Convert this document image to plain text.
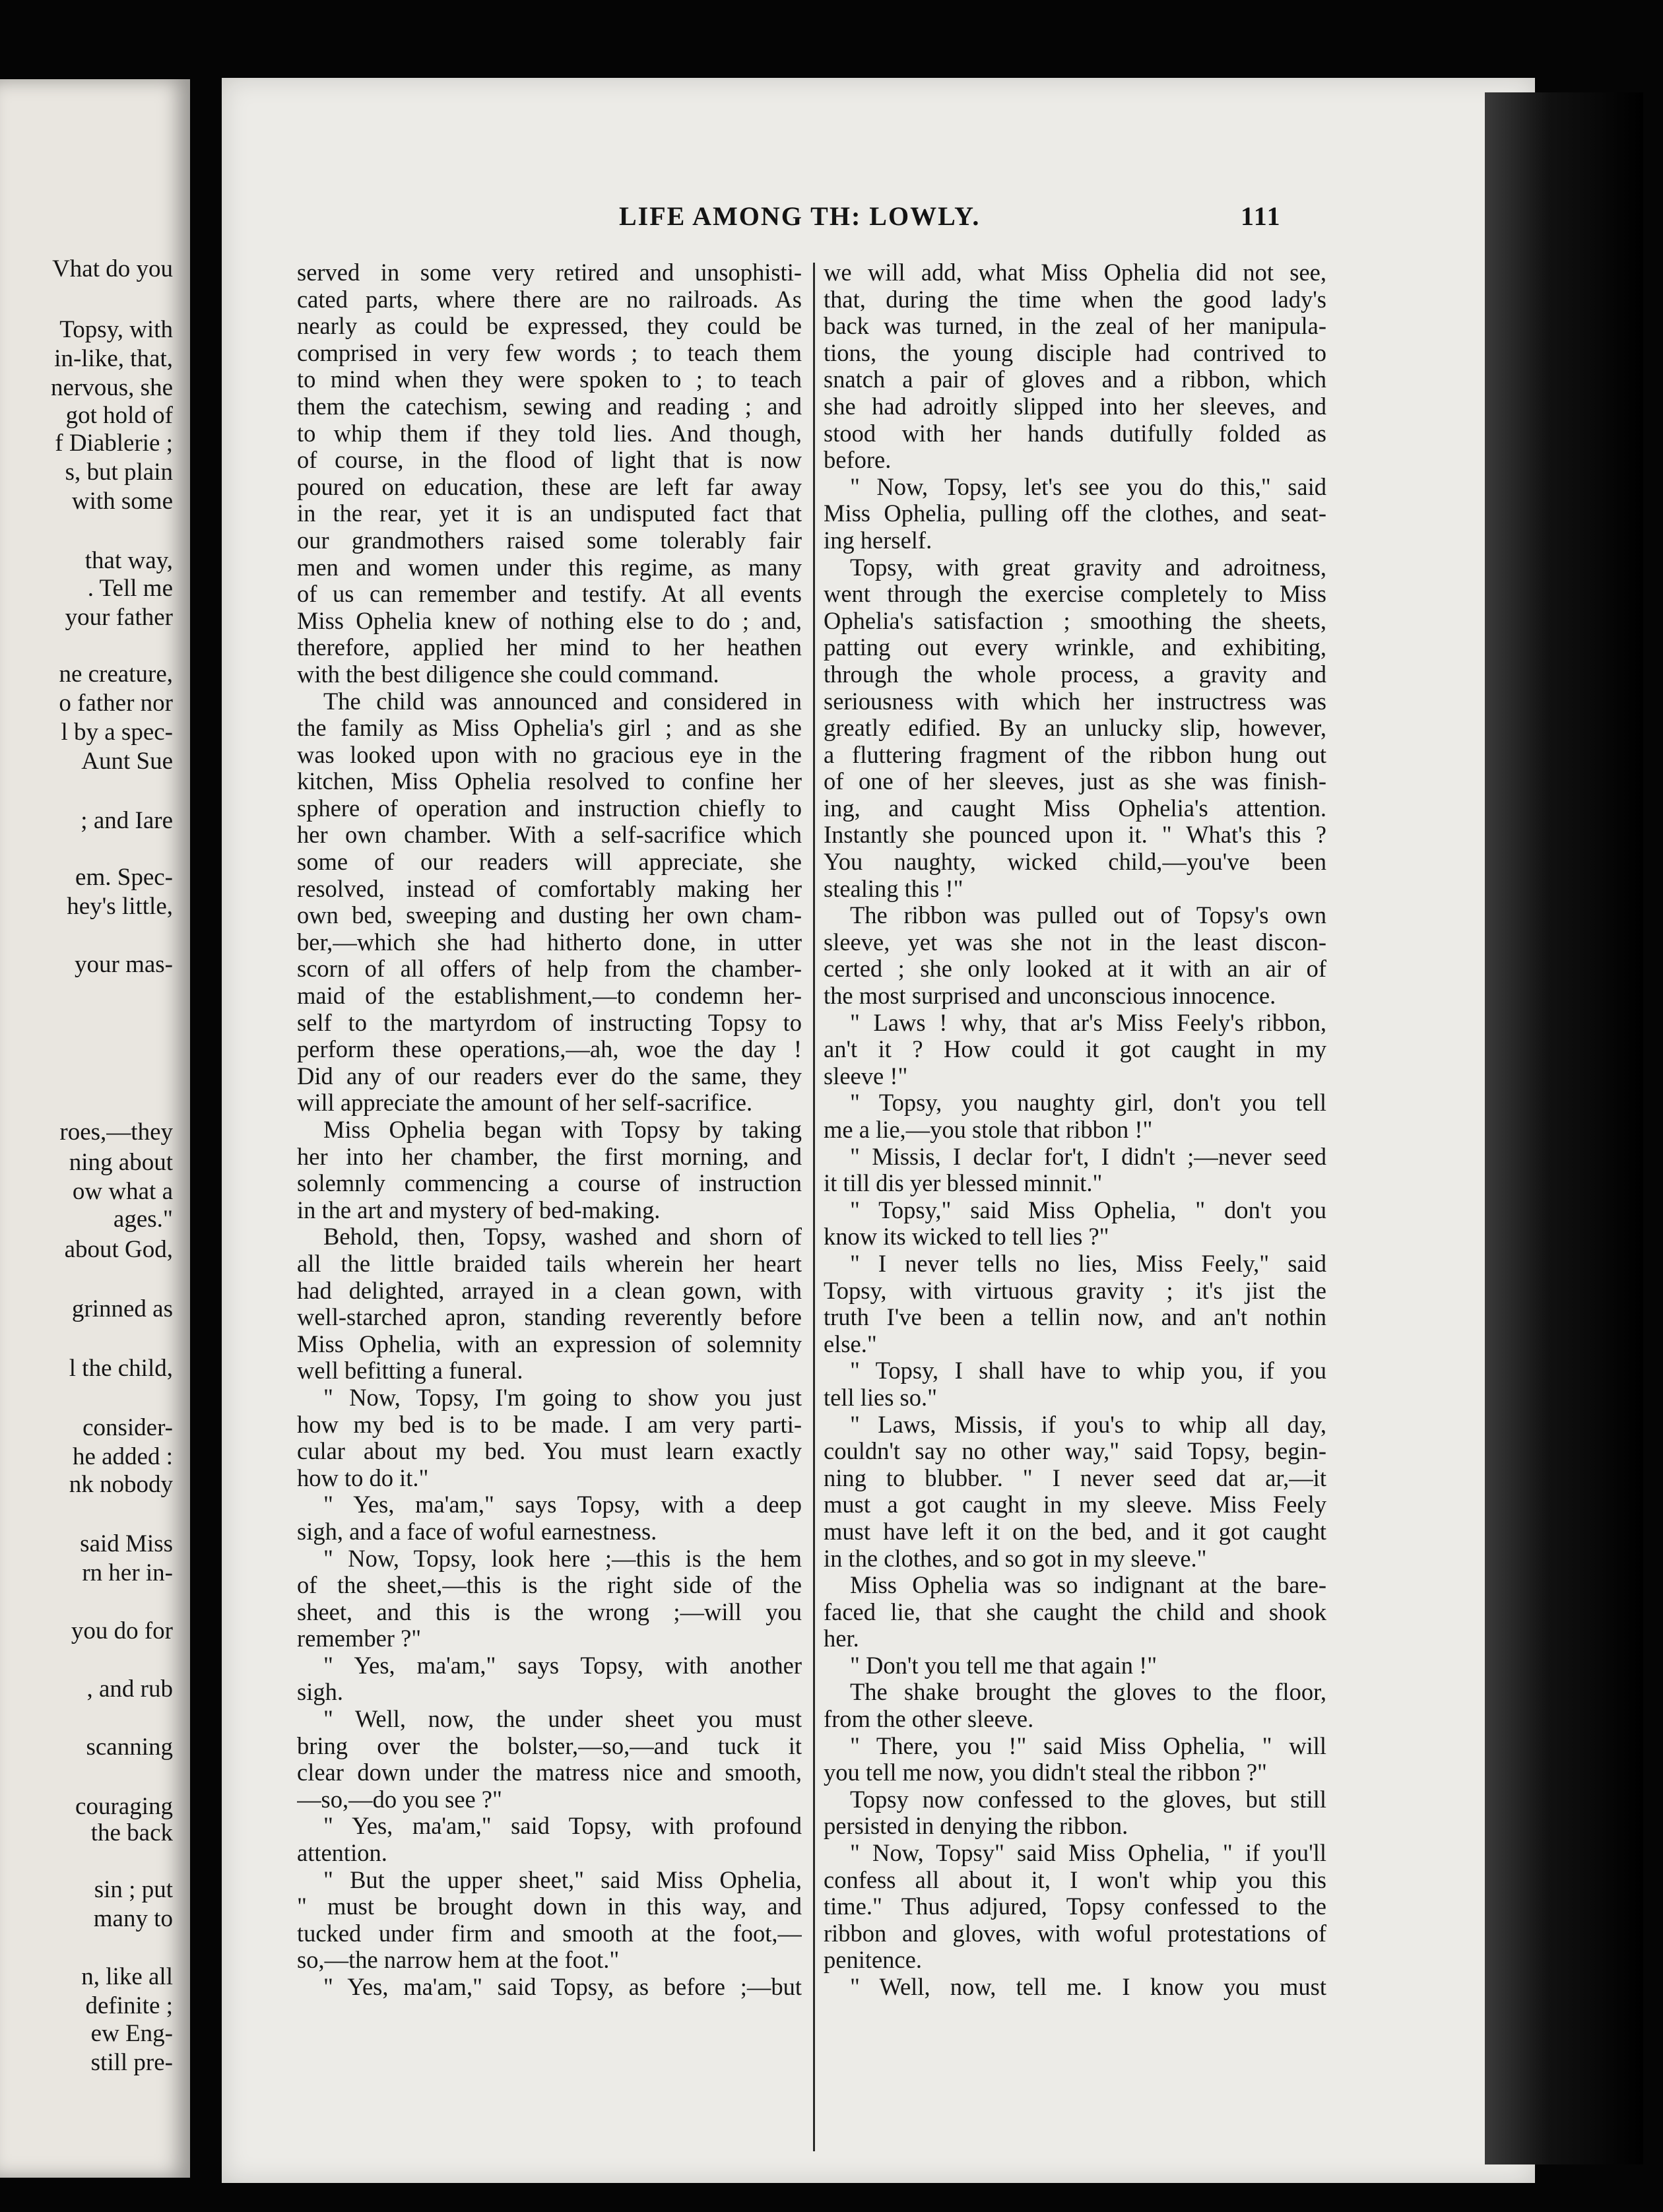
Vhat do you
Topsy, with
in-like, that,
nervous, she
got hold of
f Diablerie ;
s, but plain
with some
that way,
. Tell me
your father
ne creature,
o father nor
l by a spec-
Aunt Sue
; and Iare
em. Spec-
hey's little,
your mas-
roes,—they
ning about
ow what a
ages."
about God,
grinned as
l the child,
consider-
he added :
nk nobody
said Miss
rn her in-
you do for
, and rub
scanning
couraging
the back
sin ; put
many to
n, like all
definite ;
ew Eng-
still pre-
LIFE AMONG TH: LOWLY.	111
served in some very retired and unsophisti-
cated parts, where there are no railroads. As
nearly as could be expressed, they could be
comprised in very few words ; to teach them
to mind when they were spoken to ; to teach
them the catechism, sewing and reading ; and
to whip them if they told lies. And though,
of course, in the flood of light that is now
poured on education, these are left far away
in the rear, yet it is an undisputed fact that
our grandmothers raised some tolerably fair
men and women under this regime, as many
of us can remember and testify. At all events
Miss Ophelia knew of nothing else to do ; and,
therefore, applied her mind to her heathen
with the best diligence she could command.
The child was announced and considered in
the family as Miss Ophelia's girl ; and as she
was looked upon with no gracious eye in the
kitchen, Miss Ophelia resolved to confine her
sphere of operation and instruction chiefly to
her own chamber. With a self-sacrifice which
some of our readers will appreciate, she
resolved, instead of comfortably making her
own bed, sweeping and dusting her own cham-
ber,—which she had hitherto done, in utter
scorn of all offers of help from the chamber-
maid of the establishment,—to condemn her-
self to the martyrdom of instructing Topsy to
perform these operations,—ah, woe the day !
Did any of our readers ever do the same, they
will appreciate the amount of her self-sacrifice.
Miss Ophelia began with Topsy by taking
her into her chamber, the first morning, and
solemnly commencing a course of instruction
in the art and mystery of bed-making.
Behold, then, Topsy, washed and shorn of
all the little braided tails wherein her heart
had delighted, arrayed in a clean gown, with
well-starched apron, standing reverently before
Miss Ophelia, with an expression of solemnity
well befitting a funeral.
" Now, Topsy, I'm going to show you just
how my bed is to be made. I am very parti-
cular about my bed. You must learn exactly
how to do it."
" Yes, ma'am," says Topsy, with a deep
sigh, and a face of woful earnestness.
" Now, Topsy, look here ;—this is the hem
of the sheet,—this is the right side of the
sheet, and this is the wrong ;—will you
remember ?"
" Yes, ma'am," says Topsy, with another
sigh.
" Well, now, the under sheet you must
bring over the bolster,—so,—and tuck it
clear down under the matress nice and smooth,
—so,—do you see ?"
" Yes, ma'am," said Topsy, with profound
attention.
" But the upper sheet," said Miss Ophelia,
" must be brought down in this way, and
tucked under firm and smooth at the foot,—
so,—the narrow hem at the foot."
" Yes, ma'am," said Topsy, as before ;—but
we will add, what Miss Ophelia did not see,
that, during the time when the good lady's
back was turned, in the zeal of her manipula-
tions, the young disciple had contrived to
snatch a pair of gloves and a ribbon, which
she had adroitly slipped into her sleeves, and
stood with her hands dutifully folded as
before.
" Now, Topsy, let's see you do this," said
Miss Ophelia, pulling off the clothes, and seat-
ing herself.
Topsy, with great gravity and adroitness,
went through the exercise completely to Miss
Ophelia's satisfaction ; smoothing the sheets,
patting out every wrinkle, and exhibiting,
through the whole process, a gravity and
seriousness with which her instructress was
greatly edified. By an unlucky slip, however,
a fluttering fragment of the ribbon hung out
of one of her sleeves, just as she was finish-
ing, and caught Miss Ophelia's attention.
Instantly she pounced upon it. " What's this ?
You naughty, wicked child,—you've been
stealing this !"
The ribbon was pulled out of Topsy's own
sleeve, yet was she not in the least discon-
certed ; she only looked at it with an air of
the most surprised and unconscious innocence.
" Laws ! why, that ar's Miss Feely's ribbon,
an't it ? How could it got caught in my
sleeve !"
" Topsy, you naughty girl, don't you tell
me a lie,—you stole that ribbon !"
" Missis, I declar for't, I didn't ;—never seed
it till dis yer blessed minnit."
" Topsy," said Miss Ophelia, " don't you
know its wicked to tell lies ?"
" I never tells no lies, Miss Feely," said
Topsy, with virtuous gravity ; it's jist the
truth I've been a tellin now, and an't nothin
else."
" Topsy, I shall have to whip you, if you
tell lies so."
" Laws, Missis, if you's to whip all day,
couldn't say no other way," said Topsy, begin-
ning to blubber. " I never seed dat ar,—it
must a got caught in my sleeve. Miss Feely
must have left it on the bed, and it got caught
in the clothes, and so got in my sleeve."
Miss Ophelia was so indignant at the bare-
faced lie, that she caught the child and shook
her.
" Don't you tell me that again !"
The shake brought the gloves to the floor,
from the other sleeve.
" There, you !" said Miss Ophelia, " will
you tell me now, you didn't steal the ribbon ?"
Topsy now confessed to the gloves, but still
persisted in denying the ribbon.
" Now, Topsy" said Miss Ophelia, " if you'll
confess all about it, I won't whip you this
time." Thus adjured, Topsy confessed to the
ribbon and gloves, with woful protestations of
penitence.
" Well, now, tell me. I know you must
